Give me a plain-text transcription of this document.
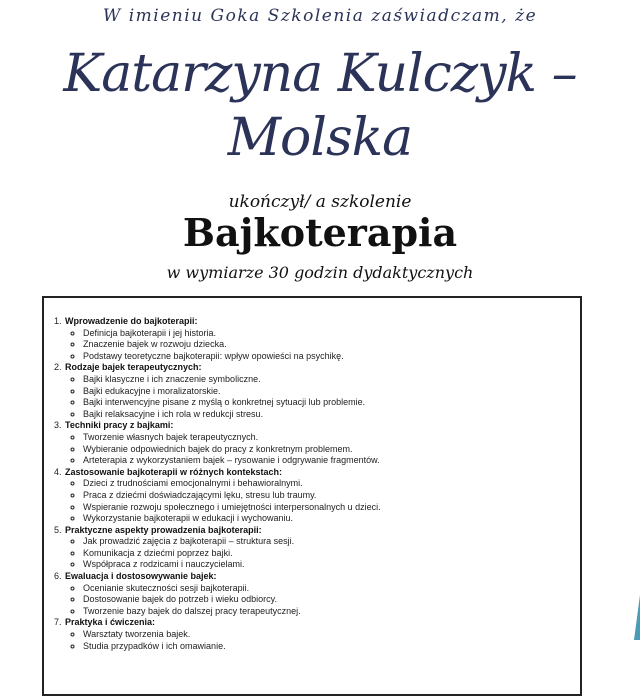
W imieniu Goka Szkolenia zaświadczam, że
Katarzyna Kulczyk –
Molska
ukończył/ a szkolenie
Bajkoterapia
w wymiarze 30 godzin dydaktycznych
1. Wprowadzenie do bajkoterapii:
◦ Definicja bajkoterapii i jej historia.
◦ Znaczenie bajek w rozwoju dziecka.
◦ Podstawy teoretyczne bajkoterapii: wpływ opowieści na psychikę.
2. Rodzaje bajek terapeutycznych:
◦ Bajki klasyczne i ich znaczenie symboliczne.
◦ Bajki edukacyjne i moralizatorskie.
◦ Bajki interwencyjne pisane z myślą o konkretnej sytuacji lub problemie.
◦ Bajki relaksacyjne i ich rola w redukcji stresu.
3. Techniki pracy z bajkami:
◦ Tworzenie własnych bajek terapeutycznych.
◦ Wybieranie odpowiednich bajek do pracy z konkretnym problemem.
◦ Arteterapia z wykorzystaniem bajek – rysowanie i odgrywanie fragmentów.
4. Zastosowanie bajkoterapii w różnych kontekstach:
◦ Dzieci z trudnościami emocjonalnymi i behawioralnymi.
◦ Praca z dziećmi doświadczającymi lęku, stresu lub traumy.
◦ Wspieranie rozwoju społecznego i umiejętności interpersonalnych u dzieci.
◦ Wykorzystanie bajkoterapii w edukacji i wychowaniu.
5. Praktyczne aspekty prowadzenia bajkoterapii:
◦ Jak prowadzić zajęcia z bajkoterapii – struktura sesji.
◦ Komunikacja z dziećmi poprzez bajki.
◦ Współpraca z rodzicami i nauczycielami.
6. Ewaluacja i dostosowywanie bajek:
◦ Ocenianie skuteczności sesji bajkoterapii.
◦ Dostosowanie bajek do potrzeb i wieku odbiorcy.
◦ Tworzenie bazy bajek do dalszej pracy terapeutycznej.
7. Praktyka i ćwiczenia:
◦ Warsztaty tworzenia bajek.
◦ Studia przypadków i ich omawianie.
